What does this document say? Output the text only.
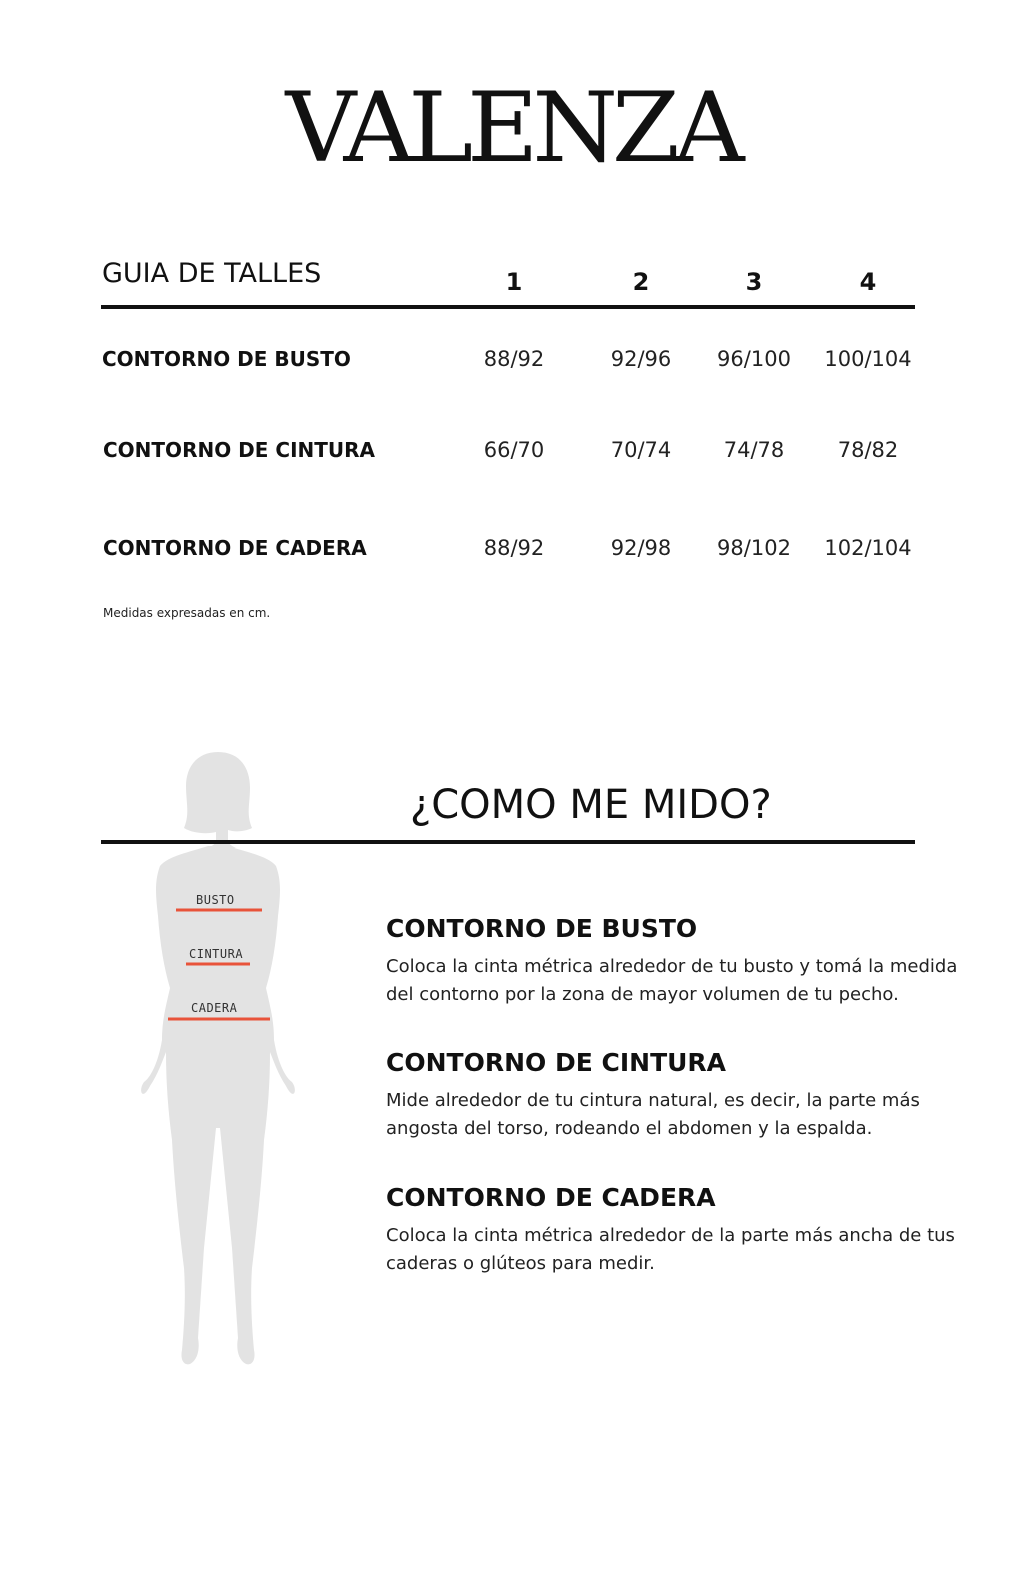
VALENZA
GUIA DE TALLES	1	2	3	4
CONTORNO DE BUSTO	88/92	92/96	96/100	100/104
CONTORNO DE CINTURA	66/70	70/74	74/78	78/82
CONTORNO DE CADERA	88/92	92/98	98/102	102/104
Medidas expresadas en cm.
BUSTO
CINTURA
CADERA
¿COMO ME MIDO?
CONTORNO DE BUSTO

Coloca la cinta métrica alrededor de tu busto y tomá la medida del contorno por la zona de mayor volumen de tu pecho.

CONTORNO DE CINTURA

Mide alrededor de tu cintura natural, es decir, la parte más angosta del torso, rodeando el abdomen y la espalda.

CONTORNO DE CADERA

Coloca la cinta métrica alrededor de la parte más ancha de tus caderas o glúteos para medir.
